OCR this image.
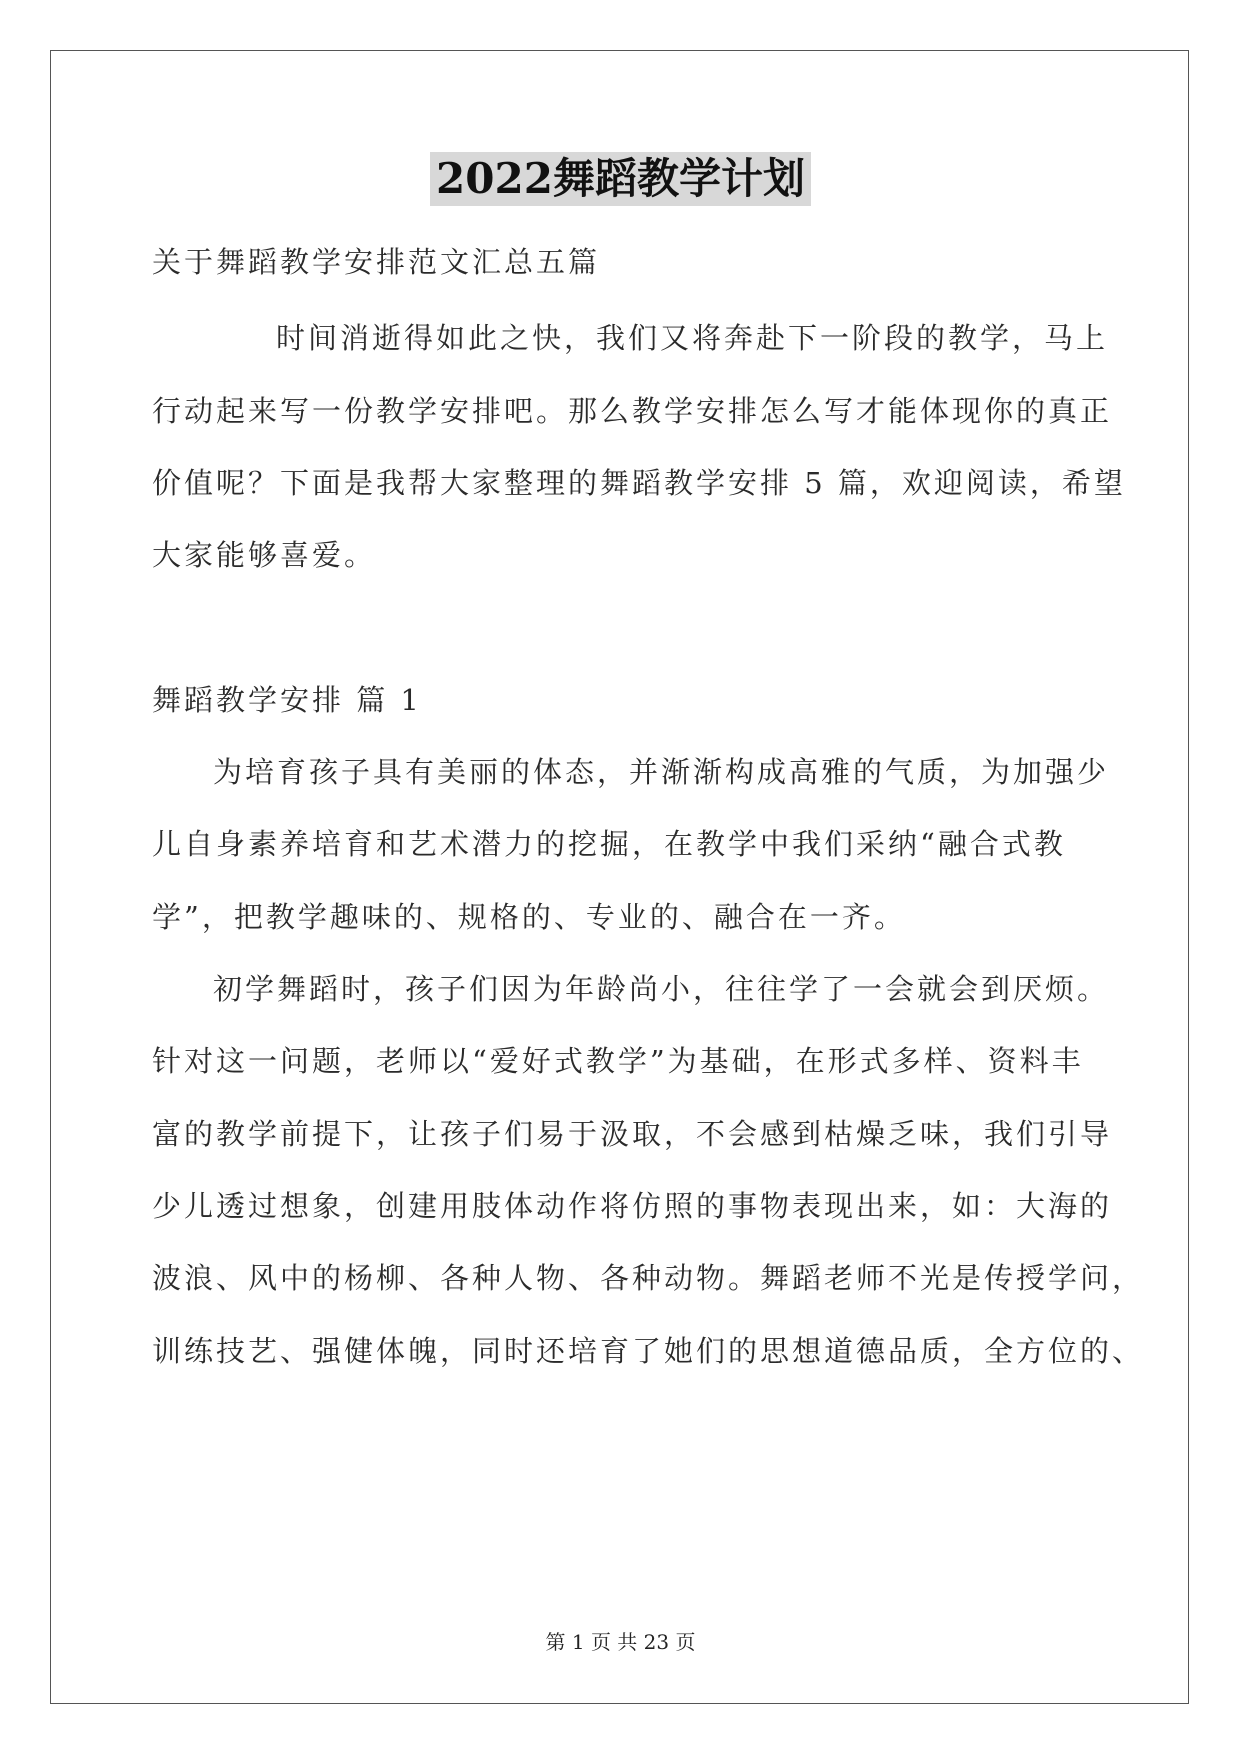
2022舞蹈教学计划
关于舞蹈教学安排范文汇总五篇
时间消逝得如此之快，我们又将奔赴下一阶段的教学，马上
行动起来写一份教学安排吧。那么教学安排怎么写才能体现你的真正
价值呢？下面是我帮大家整理的舞蹈教学安排 5 篇，欢迎阅读，希望
大家能够喜爱。
舞蹈教学安排 篇 1
为培育孩子具有美丽的体态，并渐渐构成高雅的气质，为加强少
儿自身素养培育和艺术潜力的挖掘，在教学中我们采纳“融合式教
学”，把教学趣味的、规格的、专业的、融合在一齐。
初学舞蹈时，孩子们因为年龄尚小，往往学了一会就会到厌烦。
针对这一问题，老师以“爱好式教学”为基础，在形式多样、资料丰
富的教学前提下，让孩子们易于汲取，不会感到枯燥乏味，我们引导
少儿透过想象，创建用肢体动作将仿照的事物表现出来，如：大海的
波浪、风中的杨柳、各种人物、各种动物。舞蹈老师不光是传授学问，
训练技艺、强健体魄，同时还培育了她们的思想道德品质，全方位的、
第 1 页 共 23 页
